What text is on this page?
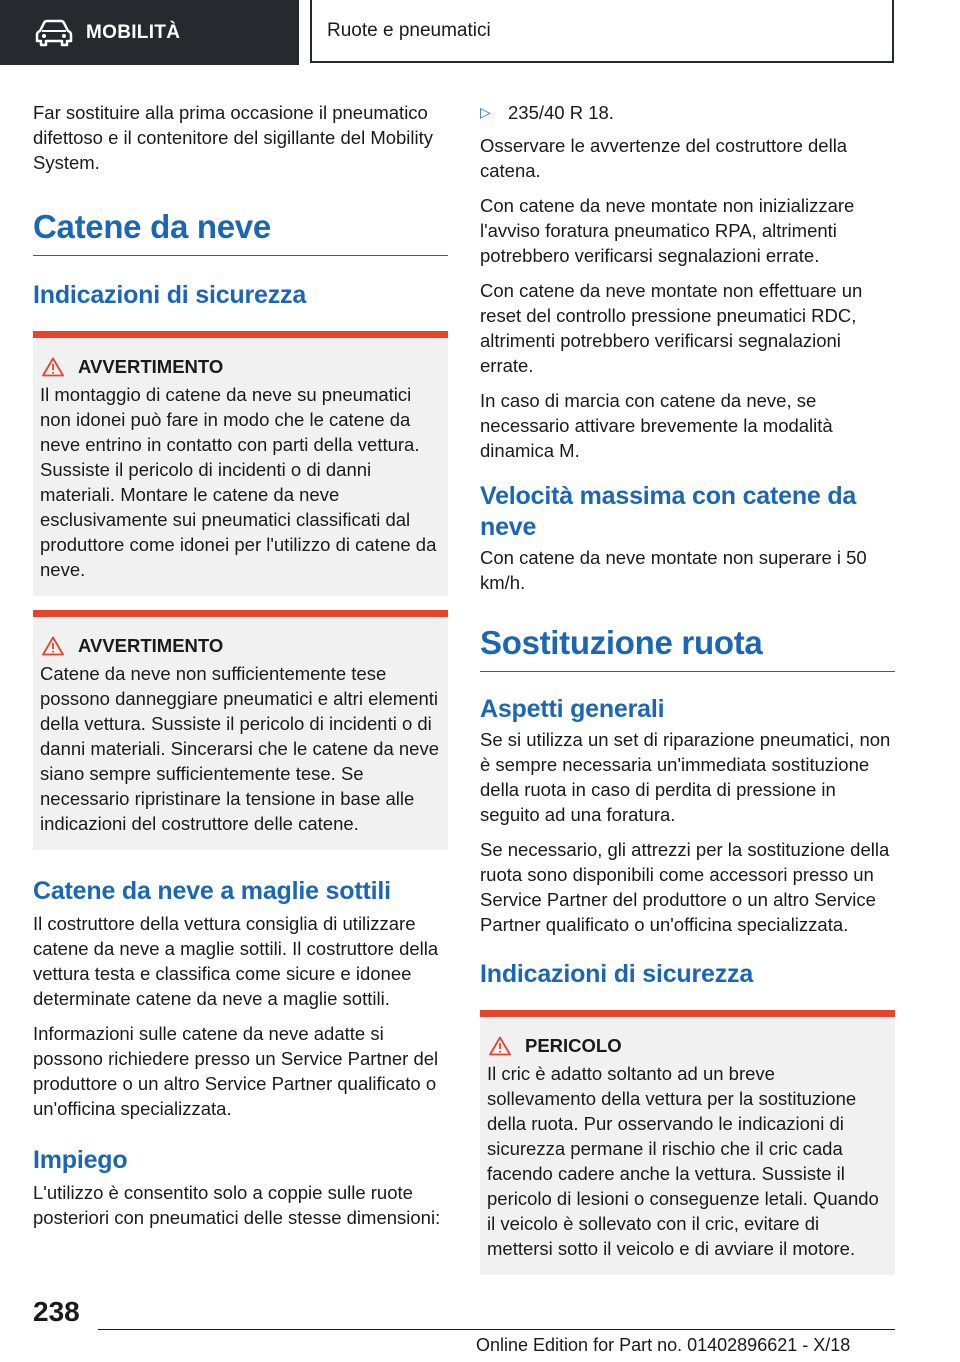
MOBILITÀ	Ruote e pneumatici

Far sostituire alla prima occasione il pneumatico difettoso e il contenitore del sigillante del Mobility System.

Catene da neve
Indicazioni di sicurezza
AVVERTIMENTO

Il montaggio di catene da neve su pneumatici non idonei può fare in modo che le catene da neve entrino in contatto con parti della vettura. Sussiste il pericolo di incidenti o di danni materiali. Montare le catene da neve esclusivamente sui pneumatici classificati dal produttore come idonei per l'utilizzo di catene da neve.

AVVERTIMENTO

Catene da neve non sufficientemente tese possono danneggiare pneumatici e altri elementi della vettura. Sussiste il pericolo di incidenti o di danni materiali. Sincerarsi che le catene da neve siano sempre sufficientemente tese. Se necessario ripristinare la tensione in base alle indicazioni del costruttore delle catene.

Catene da neve a maglie sottili

Il costruttore della vettura consiglia di utilizzare catene da neve a maglie sottili. Il costruttore della vettura testa e classifica come sicure e idonee determinate catene da neve a maglie sottili.

Informazioni sulle catene da neve adatte si possono richiedere presso un Service Partner del produttore o un altro Service Partner qualificato o un'officina specializzata.

Impiego

L'utilizzo è consentito solo a coppie sulle ruote posteriori con pneumatici delle stesse dimensioni:

▷ 235/40 R 18.

Osservare le avvertenze del costruttore della catena.

Con catene da neve montate non inizializzare l'avviso foratura pneumatico RPA, altrimenti potrebbero verificarsi segnalazioni errate.

Con catene da neve montate non effettuare un reset del controllo pressione pneumatici RDC, altrimenti potrebbero verificarsi segnalazioni errate.

In caso di marcia con catene da neve, se necessario attivare brevemente la modalità dinamica M.

Velocità massima con catene da neve

Con catene da neve montate non superare i 50 km/h.

Sostituzione ruota
Aspetti generali

Se si utilizza un set di riparazione pneumatici, non è sempre necessaria un'immediata sostituzione della ruota in caso di perdita di pressione in seguito ad una foratura.

Se necessario, gli attrezzi per la sostituzione della ruota sono disponibili come accessori presso un Service Partner del produttore o un altro Service Partner qualificato o un'officina specializzata.

Indicazioni di sicurezza
PERICOLO

Il cric è adatto soltanto ad un breve sollevamento della vettura per la sostituzione della ruota. Pur osservando le indicazioni di sicurezza permane il rischio che il cric cada facendo cadere anche la vettura. Sussiste il pericolo di lesioni o conseguenze letali. Quando il veicolo è sollevato con il cric, evitare di mettersi sotto il veicolo e di avviare il motore.

238
Online Edition for Part no. 01402896621 - X/18
